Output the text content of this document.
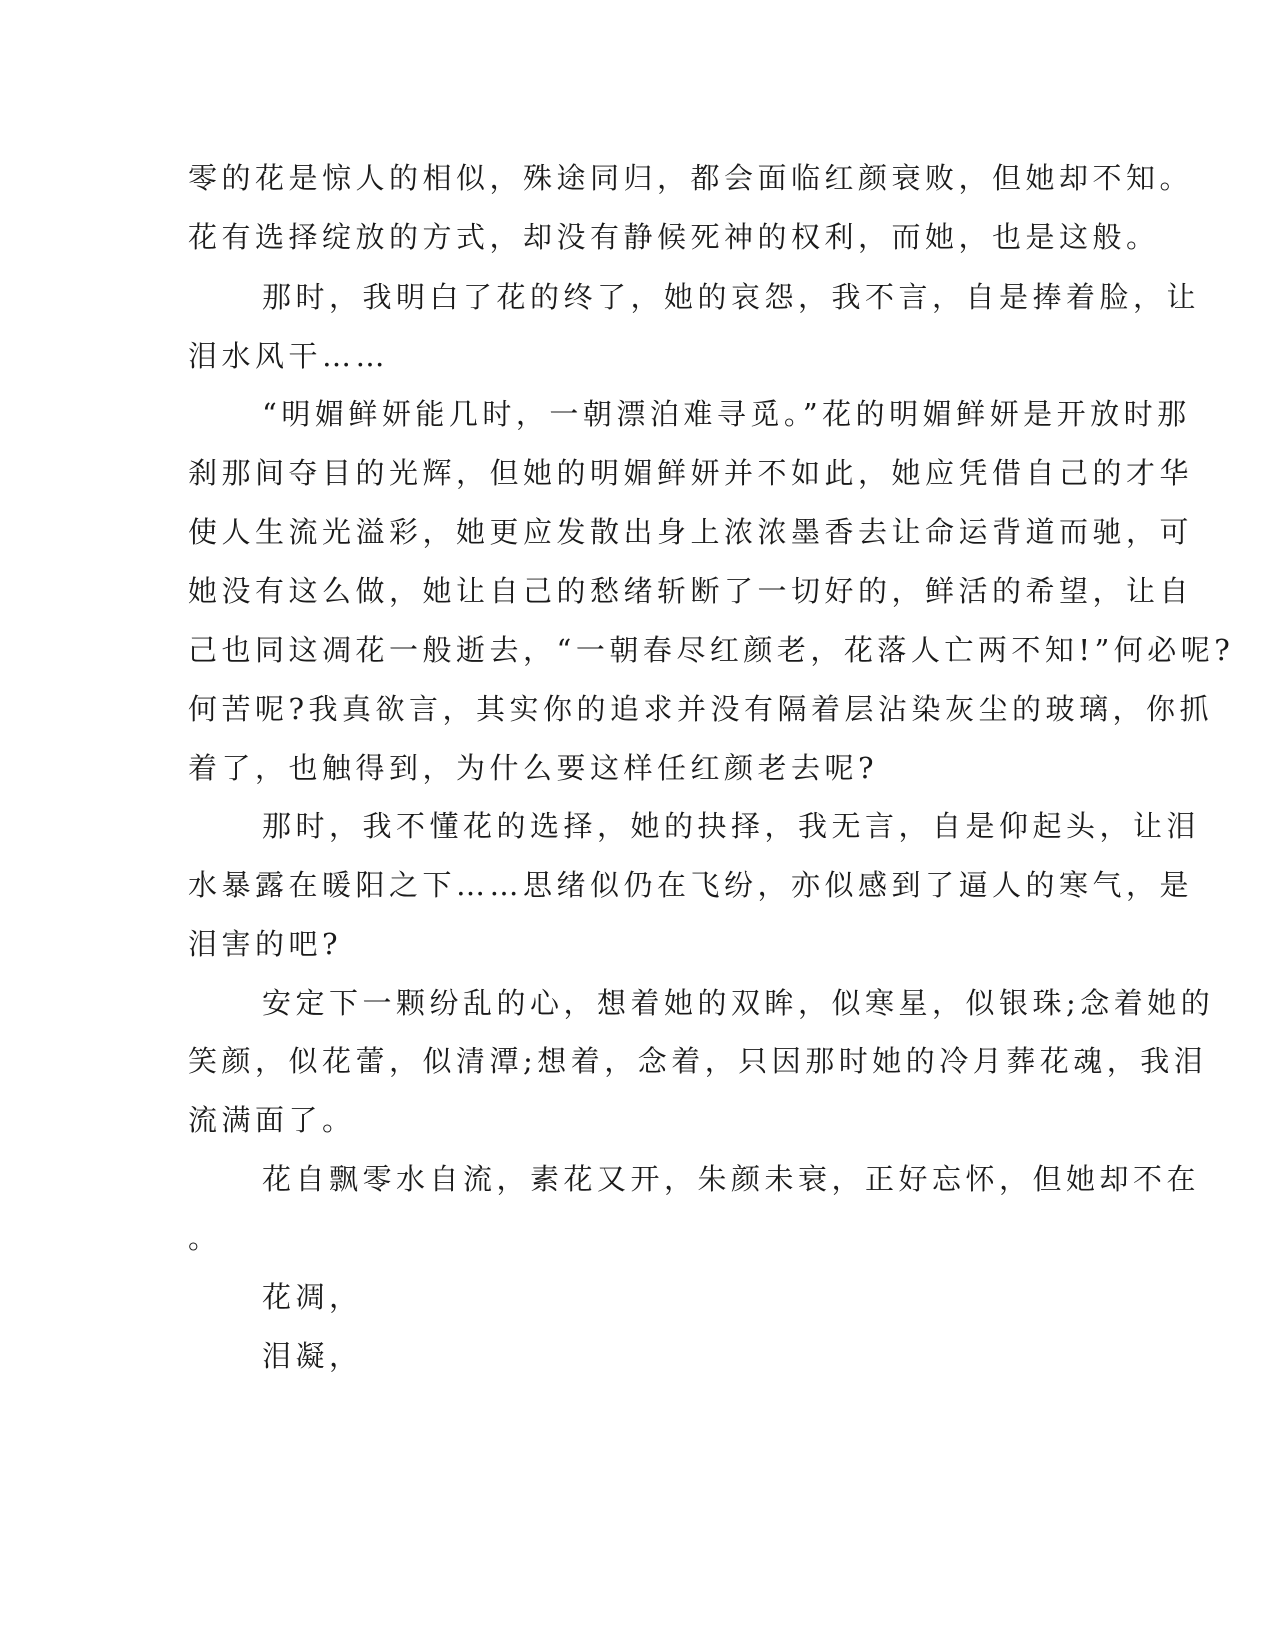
零的花是惊人的相似，殊途同归，都会面临红颜衰败，但她却不知。
花有选择绽放的方式，却没有静候死神的权利，而她，也是这般。
那时，我明白了花的终了，她的哀怨，我不言，自是捧着脸，让
泪水风干……
“明媚鲜妍能几时，一朝漂泊难寻觅。”花的明媚鲜妍是开放时那
刹那间夺目的光辉，但她的明媚鲜妍并不如此，她应凭借自己的才华
使人生流光溢彩，她更应发散出身上浓浓墨香去让命运背道而驰，可
她没有这么做，她让自己的愁绪斩断了一切好的，鲜活的希望，让自
己也同这凋花一般逝去，“一朝春尽红颜老，花落人亡两不知!”何必呢?
何苦呢?我真欲言，其实你的追求并没有隔着层沾染灰尘的玻璃，你抓
着了，也触得到，为什么要这样任红颜老去呢?
那时，我不懂花的选择，她的抉择，我无言，自是仰起头，让泪
水暴露在暖阳之下……思绪似仍在飞纷，亦似感到了逼人的寒气，是
泪害的吧?
安定下一颗纷乱的心，想着她的双眸，似寒星，似银珠;念着她的
笑颜，似花蕾，似清潭;想着，念着，只因那时她的冷月葬花魂，我泪
流满面了。
花自飘零水自流，素花又开，朱颜未衰，正好忘怀，但她却不在
。
花凋，
泪凝，
